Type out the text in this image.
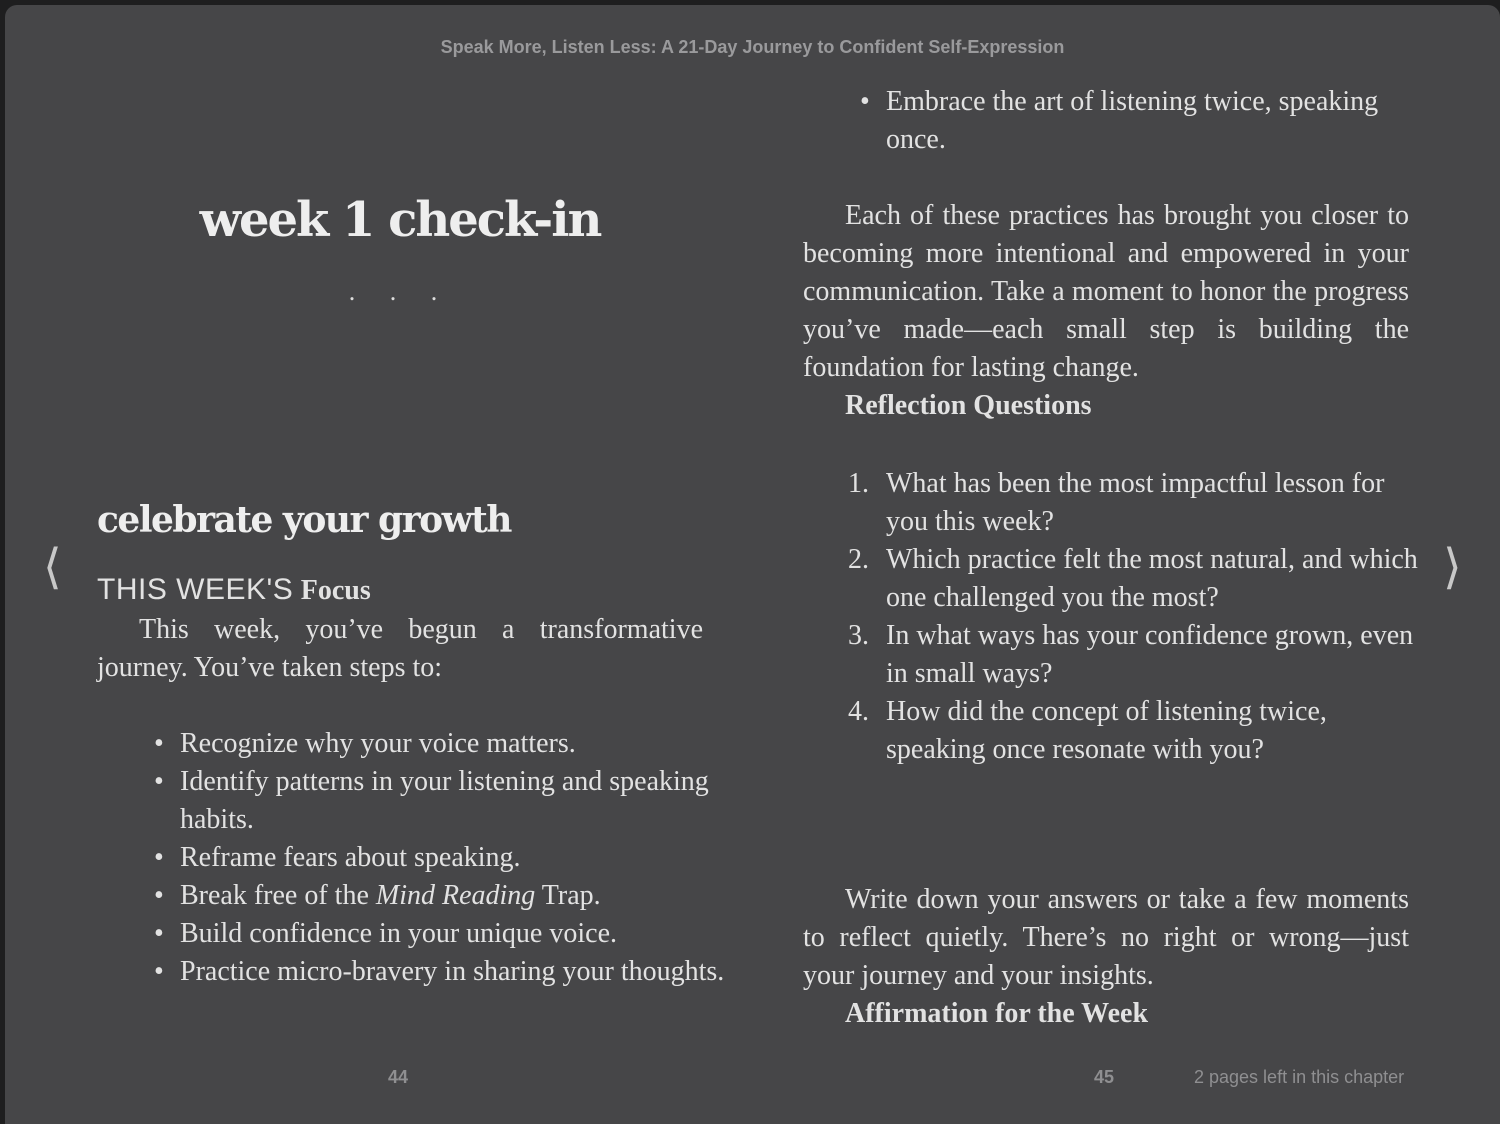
Speak More, Listen Less: A 21-Day Journey to Confident Self-Expression
⟨	⟩
week 1 check-in
. . .
celebrate your growth
THIS WEEK'S Focus

This week, you’ve begun a transformative journey. You’ve taken steps to:

• Recognize why your voice matters.
• Identify patterns in your listening and speaking habits.
• Reframe fears about speaking.
• Break free of the Mind Reading Trap.
• Build confidence in your unique voice.
• Practice micro-bravery in sharing your thoughts.
• Embrace the art of listening twice, speaking once.

Each of these practices has brought you closer to becoming more intentional and empowered in your communication. Take a moment to honor the progress you’ve made—each small step is building the foundation for lasting change.

Reflection Questions

1. What has been the most impactful lesson for you this week?
2. Which practice felt the most natural, and which one challenged you the most?
3. In what ways has your confidence grown, even in small ways?
4. How did the concept of listening twice, speaking once resonate with you?

Write down your answers or take a few moments to reflect quietly. There’s no right or wrong—just your journey and your insights.

Affirmation for the Week

44	45	2 pages left in this chapter
